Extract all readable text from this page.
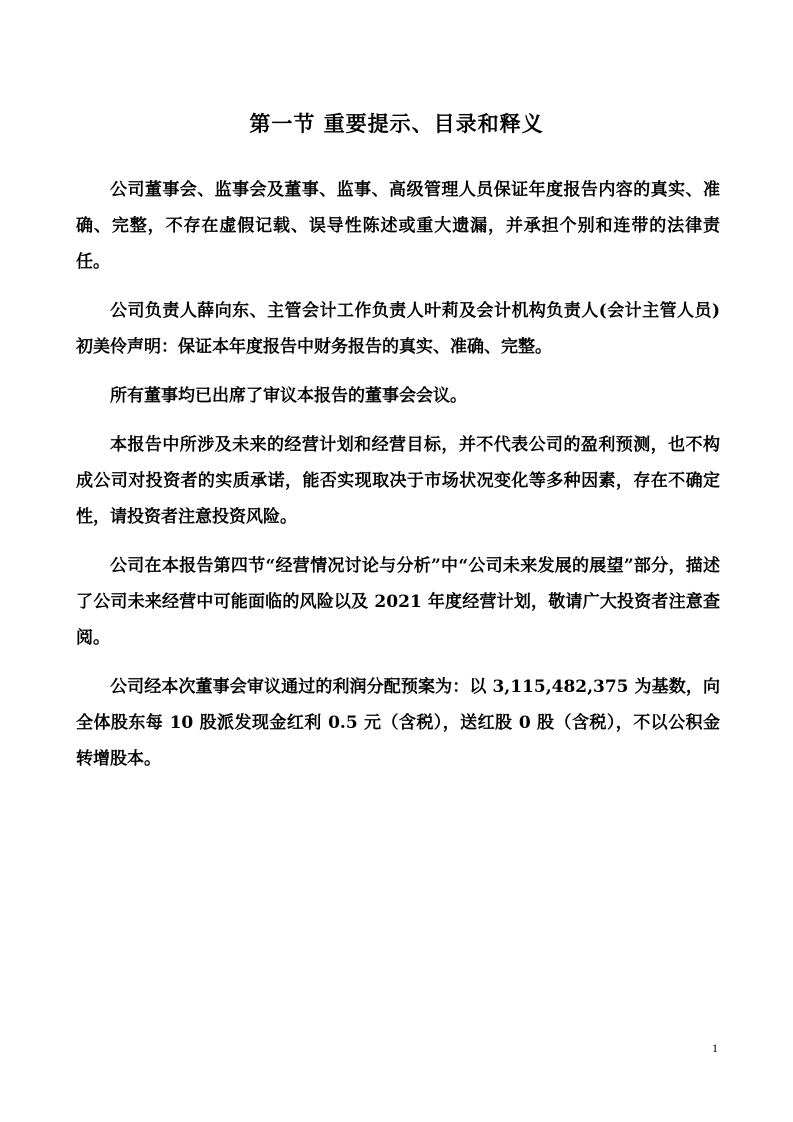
第一节 重要提示、目录和释义

公司董事会、监事会及董事、监事、高级管理人员保证年度报告内容的真实、准确、完整，不存在虚假记载、误导性陈述或重大遗漏，并承担个别和连带的法律责任。

公司负责人薛向东、主管会计工作负责人叶莉及会计机构负责人(会计主管人员)初美伶声明：保证本年度报告中财务报告的真实、准确、完整。

所有董事均已出席了审议本报告的董事会会议。

本报告中所涉及未来的经营计划和经营目标，并不代表公司的盈利预测，也不构成公司对投资者的实质承诺，能否实现取决于市场状况变化等多种因素，存在不确定性，请投资者注意投资风险。

公司在本报告第四节“经营情况讨论与分析”中“公司未来发展的展望”部分，描述了公司未来经营中可能面临的风险以及 2021 年度经营计划，敬请广大投资者注意查阅。

公司经本次董事会审议通过的利润分配预案为：以 3,115,482,375 为基数，向全体股东每 10 股派发现金红利 0.5 元（含税），送红股 0 股（含税），不以公积金转增股本。

1
